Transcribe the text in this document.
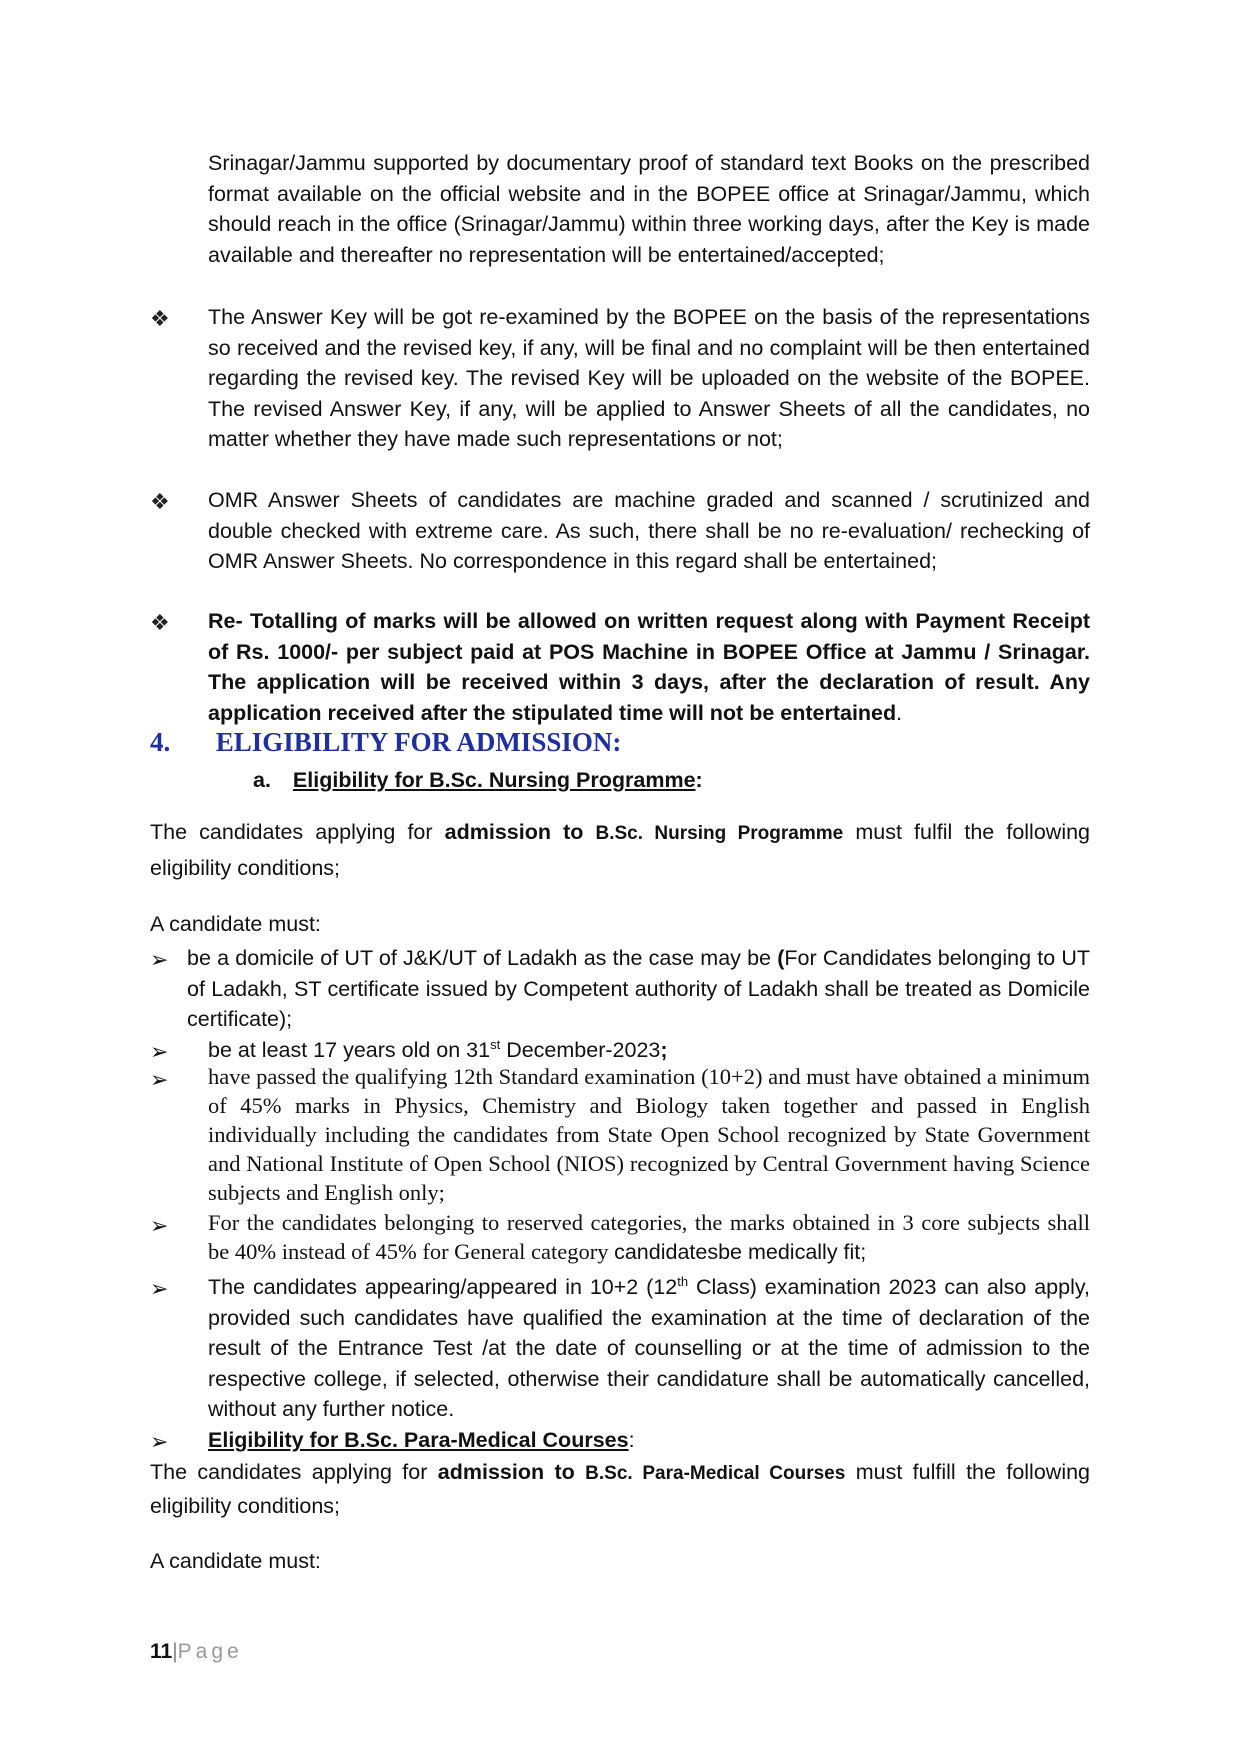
Srinagar/Jammu supported by documentary proof of standard text Books on the prescribed format available on the official website and in the BOPEE office at Srinagar/Jammu, which should reach in the office (Srinagar/Jammu) within three working days, after the Key is made available and thereafter no representation will be entertained/accepted;
❖ The Answer Key will be got re-examined by the BOPEE on the basis of the representations so received and the revised key, if any, will be final and no complaint will be then entertained regarding the revised key. The revised Key will be uploaded on the website of the BOPEE. The revised Answer Key, if any, will be applied to Answer Sheets of all the candidates, no matter whether they have made such representations or not;
❖ OMR Answer Sheets of candidates are machine graded and scanned / scrutinized and double checked with extreme care. As such, there shall be no re-evaluation/ rechecking of OMR Answer Sheets. No correspondence in this regard shall be entertained;
❖ Re- Totalling of marks will be allowed on written request along with Payment Receipt of Rs. 1000/- per subject paid at POS Machine in BOPEE Office at Jammu / Srinagar. The application will be received within 3 days, after the declaration of result. Any application received after the stipulated time will not be entertained.
4. ELIGIBILITY FOR ADMISSION:
a. Eligibility for B.Sc. Nursing Programme:
The candidates applying for admission to B.Sc. Nursing Programme must fulfil the following eligibility conditions;
A candidate must:
➢ be a domicile of UT of J&K/UT of Ladakh as the case may be (For Candidates belonging to UT of Ladakh, ST certificate issued by Competent authority of Ladakh shall be treated as Domicile certificate);
➢ be at least 17 years old on 31st December-2023;
➢ have passed the qualifying 12th Standard examination (10+2) and must have obtained a minimum of 45% marks in Physics, Chemistry and Biology taken together and passed in English individually including the candidates from State Open School recognized by State Government and National Institute of Open School (NIOS) recognized by Central Government having Science subjects and English only;
➢ For the candidates belonging to reserved categories, the marks obtained in 3 core subjects shall be 40% instead of 45% for General category candidatesbe medically fit;
➢ The candidates appearing/appeared in 10+2 (12th Class) examination 2023 can also apply, provided such candidates have qualified the examination at the time of declaration of the result of the Entrance Test /at the date of counselling or at the time of admission to the respective college, if selected, otherwise their candidature shall be automatically cancelled, without any further notice.
➢ Eligibility for B.Sc. Para-Medical Courses:
The candidates applying for admission to B.Sc. Para-Medical Courses must fulfill the following eligibility conditions;
A candidate must:
11|Page
